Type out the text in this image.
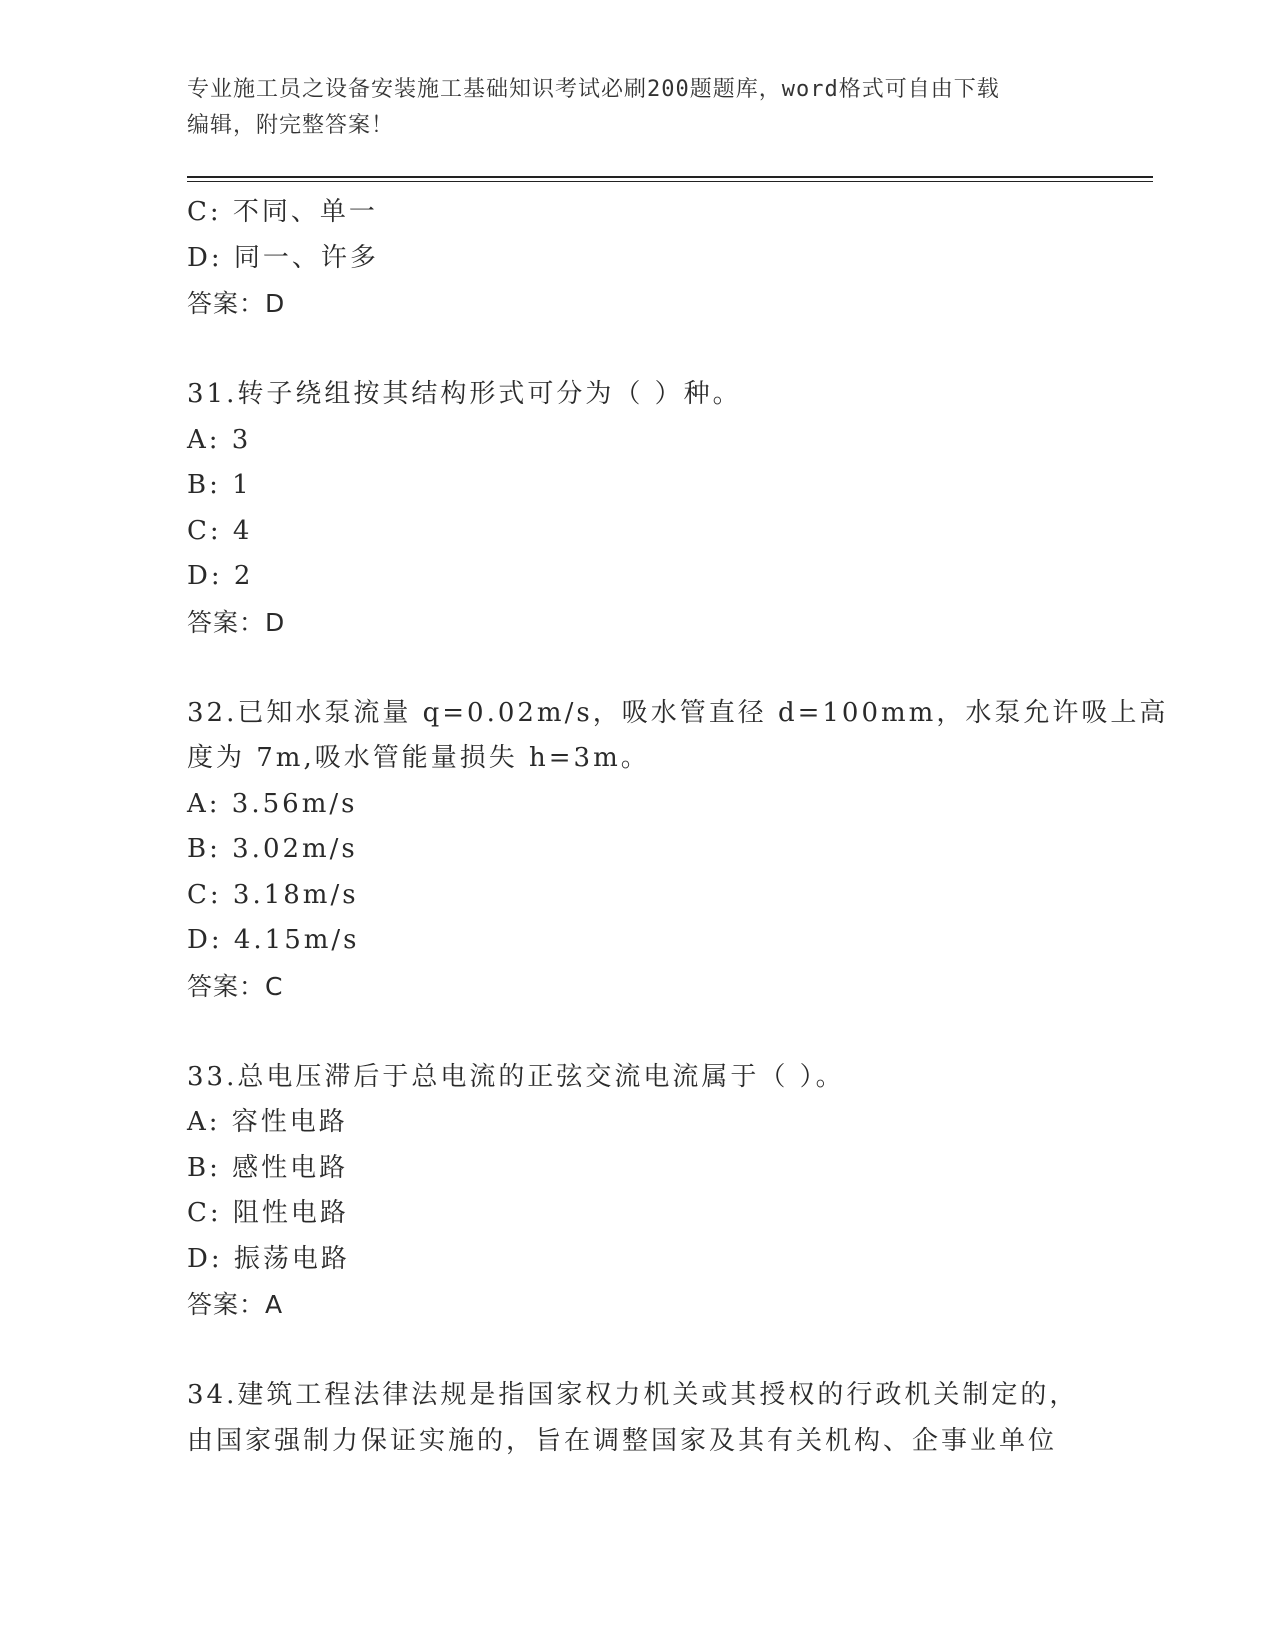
专业施工员之设备安装施工基础知识考试必刷200题题库，word格式可自由下载
编辑，附完整答案！
C: 不同、单一
D: 同一、许多
答案：D
31.转子绕组按其结构形式可分为（ ）种。
A: 3
B: 1
C: 4
D: 2
答案：D
32.已知水泵流量 q=0.02m/s，吸水管直径 d=100mm，水泵允许吸上高
度为 7m,吸水管能量损失 h=3m。
A: 3.56m/s
B: 3.02m/s
C: 3.18m/s
D: 4.15m/s
答案：C
33.总电压滞后于总电流的正弦交流电流属于（ ）。
A: 容性电路
B: 感性电路
C: 阻性电路
D: 振荡电路
答案：A
34.建筑工程法律法规是指国家权力机关或其授权的行政机关制定的，
由国家强制力保证实施的，旨在调整国家及其有关机构、企事业单位
